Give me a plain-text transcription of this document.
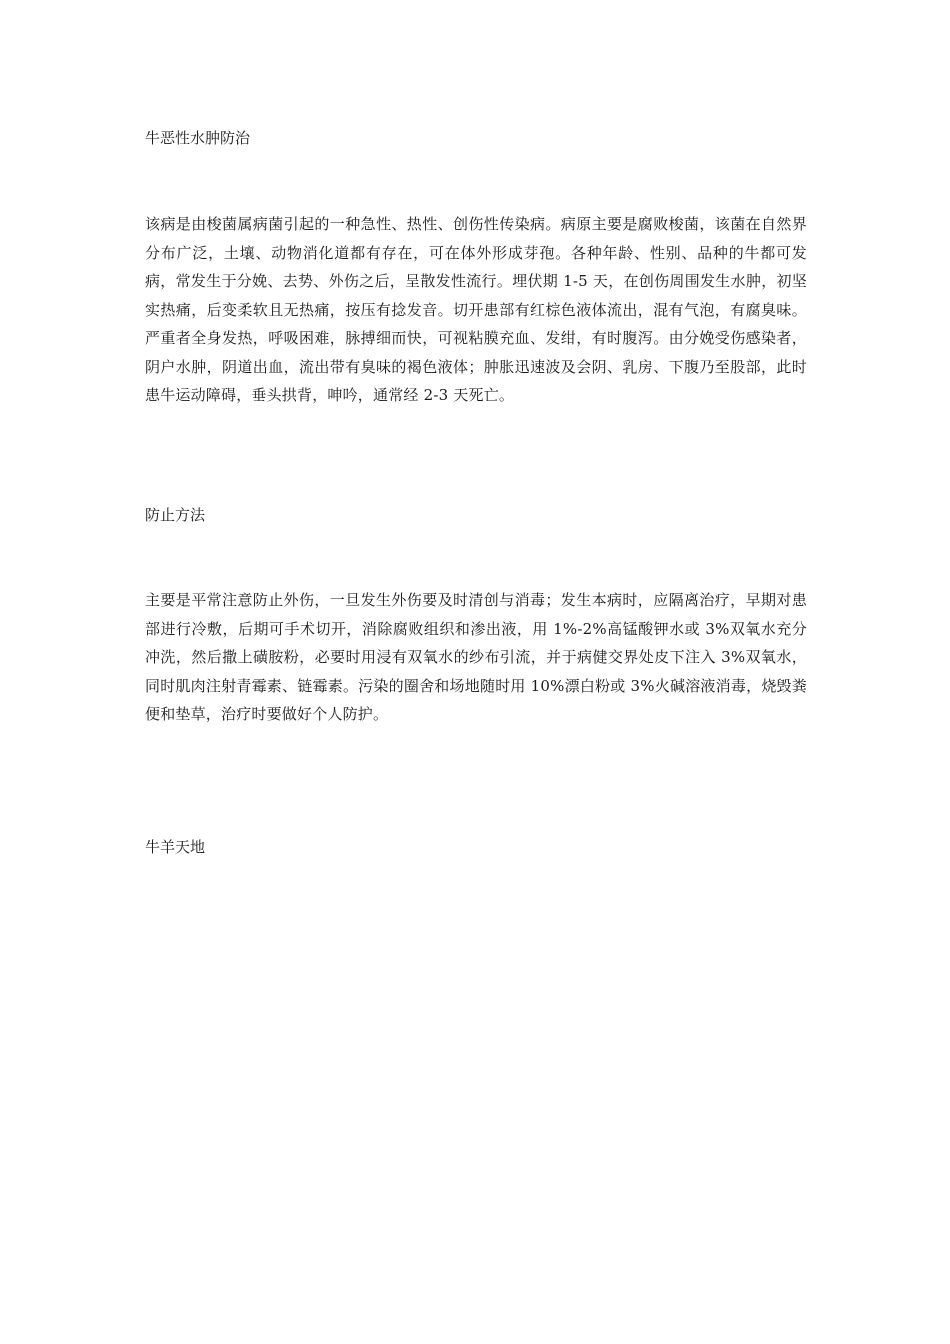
牛恶性水肿防治

该病是由梭菌属病菌引起的一种急性、热性、创伤性传染病。病原主要是腐败梭菌，该菌在自然界分布广泛，土壤、动物消化道都有存在，可在体外形成芽孢。各种年龄、性别、品种的牛都可发病，常发生于分娩、去势、外伤之后，呈散发性流行。埋伏期 1-5 天，在创伤周围发生水肿，初坚实热痛，后变柔软且无热痛，按压有捻发音。切开患部有红棕色液体流出，混有气泡，有腐臭味。严重者全身发热，呼吸困难，脉搏细而快，可视粘膜充血、发绀，有时腹泻。由分娩受伤感染者，阴户水肿，阴道出血，流出带有臭味的褐色液体；肿胀迅速波及会阴、乳房、下腹乃至股部，此时患牛运动障碍，垂头拱背，呻吟，通常经 2-3 天死亡。

防止方法

主要是平常注意防止外伤，一旦发生外伤要及时清创与消毒；发生本病时，应隔离治疗，早期对患部进行冷敷，后期可手术切开，消除腐败组织和渗出液，用 1%-2%高锰酸钾水或 3%双氧水充分冲洗，然后撒上磺胺粉，必要时用浸有双氧水的纱布引流，并于病健交界处皮下注入 3%双氧水，同时肌肉注射青霉素、链霉素。污染的圈舍和场地随时用 10%漂白粉或 3%火碱溶液消毒，烧毁粪便和垫草，治疗时要做好个人防护。

牛羊天地
